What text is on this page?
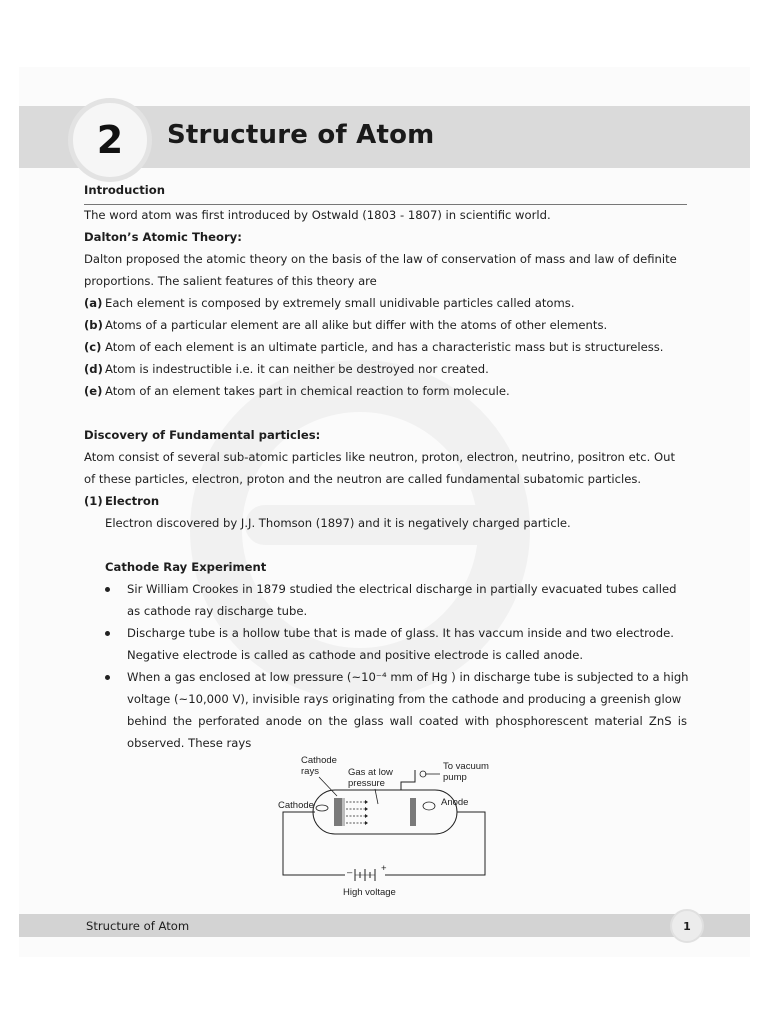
2	Structure of Atom
Introduction
The word atom was first introduced by Ostwald (1803 - 1807) in scientific world.
Dalton’s Atomic Theory:
Dalton proposed the atomic theory on the basis of the law of conservation of mass and law of definite
proportions. The salient features of this theory are
(a) Each element is composed by extremely small unidivable particles called atoms.
(b) Atoms of a particular element are all alike but differ with the atoms of other elements.
(c) Atom of each element is an ultimate particle, and has a characteristic mass but is structureless.
(d) Atom is indestructible i.e. it can neither be destroyed nor created.
(e) Atom of an element takes part in chemical reaction to form molecule.
Discovery of Fundamental particles:
Atom consist of several sub-atomic particles like neutron, proton, electron, neutrino, positron etc. Out
of these particles, electron, proton and the neutron are called fundamental subatomic particles.
(1) Electron
Electron discovered by J.J. Thomson (1897) and it is negatively charged particle.
Cathode Ray Experiment
Sir William Crookes in 1879 studied the electrical discharge in partially evacuated tubes called
as cathode ray discharge tube.
Discharge tube is a hollow tube that is made of glass. It has vaccum inside and two electrode.
Negative electrode is called as cathode and positive electrode is called anode.
When a gas enclosed at low pressure (~10⁻⁴ mm of Hg ) in discharge tube is subjected to a high
voltage (~10,000 V), invisible rays originating from the cathode and producing a greenish glow
behind the perforated anode on the glass wall coated with phosphorescent material ZnS is
observed. These rays
Cathode
rays	Gas at low
pressure
To vacuum
pump
Cathode	Anode
–	+
High voltage
Structure of Atom	1
